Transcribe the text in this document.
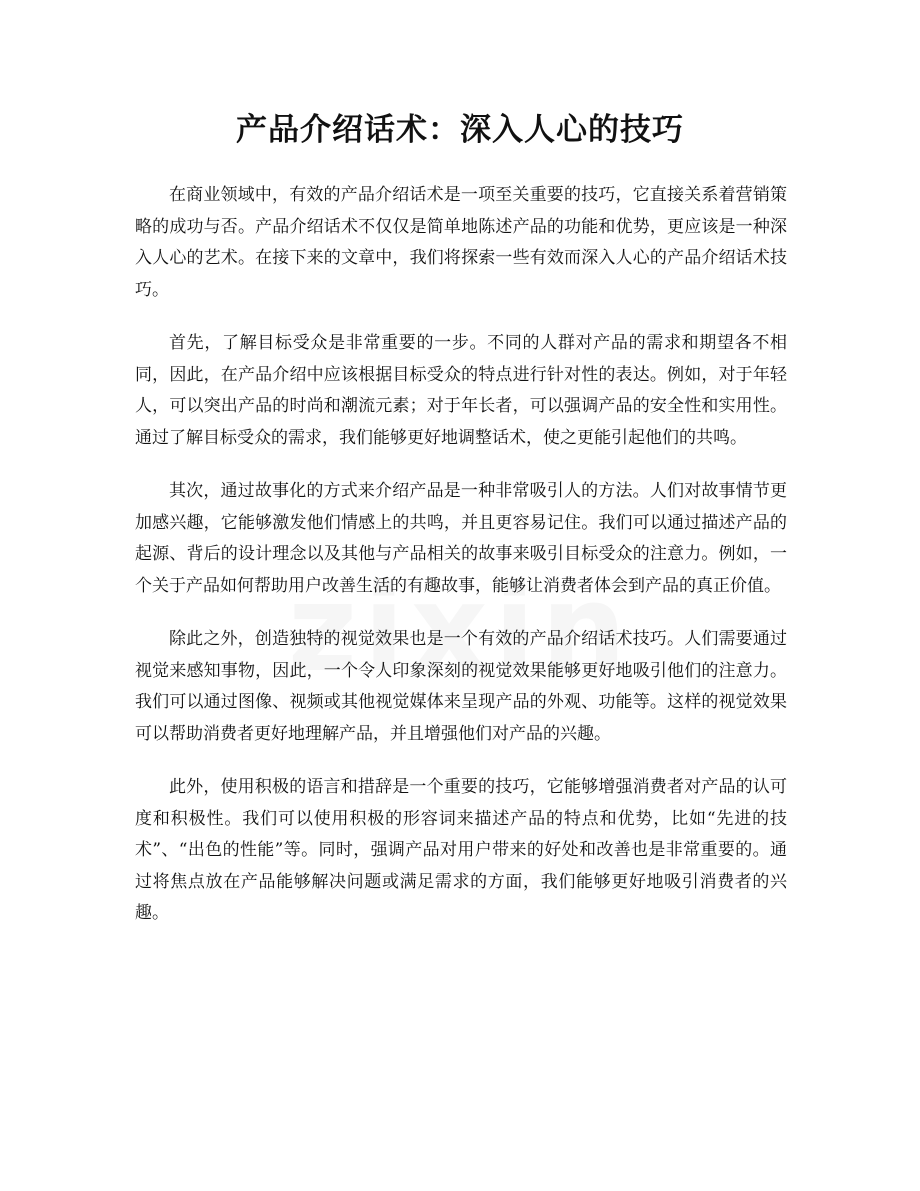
产品介绍话术：深入人心的技巧

在商业领域中，有效的产品介绍话术是一项至关重要的技巧，它直接关系着营销策略的成功与否。产品介绍话术不仅仅是简单地陈述产品的功能和优势，更应该是一种深入人心的艺术。在接下来的文章中，我们将探索一些有效而深入人心的产品介绍话术技巧。

首先，了解目标受众是非常重要的一步。不同的人群对产品的需求和期望各不相同，因此，在产品介绍中应该根据目标受众的特点进行针对性的表达。例如，对于年轻人，可以突出产品的时尚和潮流元素；对于年长者，可以强调产品的安全性和实用性。通过了解目标受众的需求，我们能够更好地调整话术，使之更能引起他们的共鸣。

其次，通过故事化的方式来介绍产品是一种非常吸引人的方法。人们对故事情节更加感兴趣，它能够激发他们情感上的共鸣，并且更容易记住。我们可以通过描述产品的起源、背后的设计理念以及其他与产品相关的故事来吸引目标受众的注意力。例如，一个关于产品如何帮助用户改善生活的有趣故事，能够让消费者体会到产品的真正价值。

除此之外，创造独特的视觉效果也是一个有效的产品介绍话术技巧。人们需要通过视觉来感知事物，因此，一个令人印象深刻的视觉效果能够更好地吸引他们的注意力。我们可以通过图像、视频或其他视觉媒体来呈现产品的外观、功能等。这样的视觉效果可以帮助消费者更好地理解产品，并且增强他们对产品的兴趣。

此外，使用积极的语言和措辞是一个重要的技巧，它能够增强消费者对产品的认可度和积极性。我们可以使用积极的形容词来描述产品的特点和优势，比如“先进的技术”、“出色的性能”等。同时，强调产品对用户带来的好处和改善也是非常重要的。通过将焦点放在产品能够解决问题或满足需求的方面，我们能够更好地吸引消费者的兴趣。
